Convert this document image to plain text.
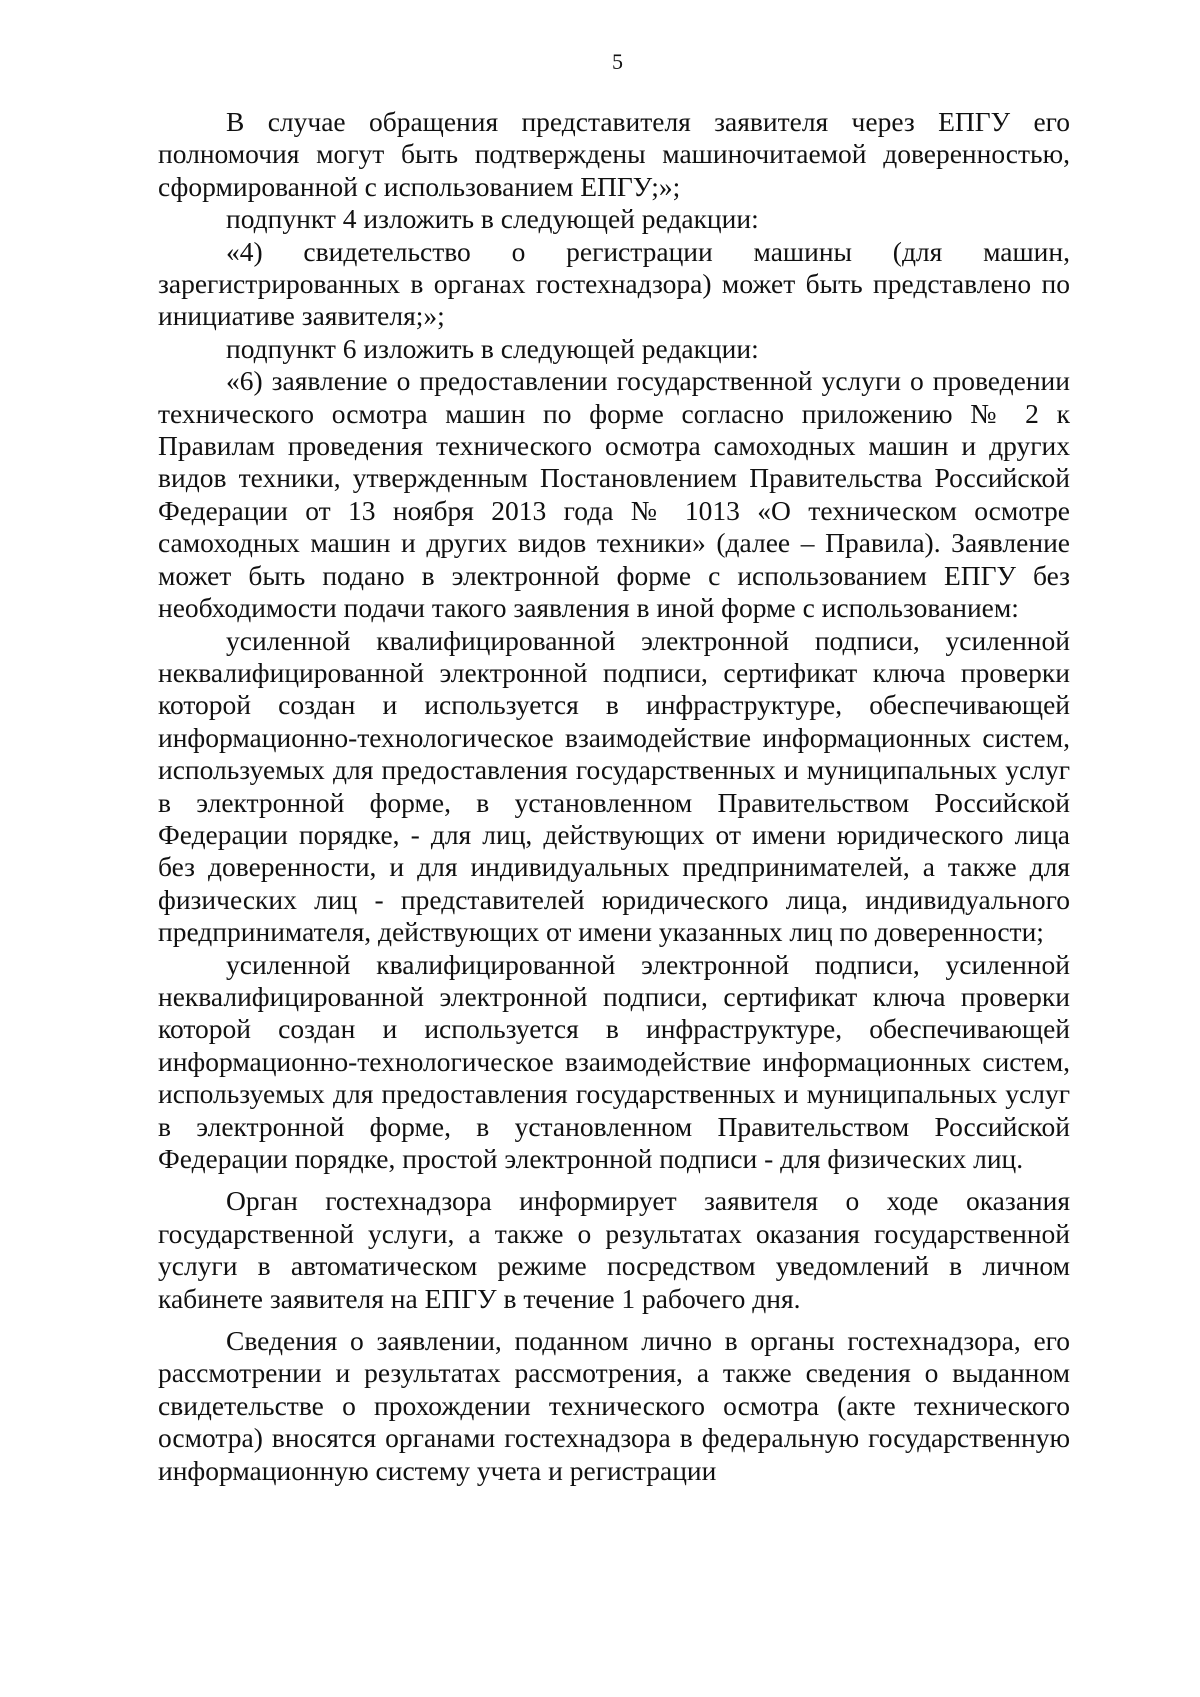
5

В случае обращения представителя заявителя через ЕПГУ его полномочия могут быть подтверждены машиночитаемой доверенностью, сформированной с использованием ЕПГУ;»;

подпункт 4 изложить в следующей редакции:

«4) свидетельство о регистрации машины (для машин, зарегистрированных в органах гостехнадзора) может быть представлено по инициативе заявителя;»;

подпункт 6 изложить в следующей редакции:

«6) заявление о предоставлении государственной услуги о проведении технического осмотра машин по форме согласно приложению № 2 к Правилам проведения технического осмотра самоходных машин и других видов техники, утвержденным Постановлением Правительства Российской Федерации от 13 ноября 2013 года № 1013 «О техническом осмотре самоходных машин и других видов техники» (далее – Правила). Заявление может быть подано в электронной форме с использованием ЕПГУ без необходимости подачи такого заявления в иной форме с использованием:

усиленной квалифицированной электронной подписи, усиленной неквалифицированной электронной подписи, сертификат ключа проверки которой создан и используется в инфраструктуре, обеспечивающей информационно-технологическое взаимодействие информационных систем, используемых для предоставления государственных и муниципальных услуг в электронной форме, в установленном Правительством Российской Федерации порядке, - для лиц, действующих от имени юридического лица без доверенности, и для индивидуальных предпринимателей, а также для физических лиц - представителей юридического лица, индивидуального предпринимателя, действующих от имени указанных лиц по доверенности;

усиленной квалифицированной электронной подписи, усиленной неквалифицированной электронной подписи, сертификат ключа проверки которой создан и используется в инфраструктуре, обеспечивающей информационно-технологическое взаимодействие информационных систем, используемых для предоставления государственных и муниципальных услуг в электронной форме, в установленном Правительством Российской Федерации порядке, простой электронной подписи - для физических лиц.

Орган гостехнадзора информирует заявителя о ходе оказания государственной услуги, а также о результатах оказания государственной услуги в автоматическом режиме посредством уведомлений в личном кабинете заявителя на ЕПГУ в течение 1 рабочего дня.

Сведения о заявлении, поданном лично в органы гостехнадзора, его рассмотрении и результатах рассмотрения, а также сведения о выданном свидетельстве о прохождении технического осмотра (акте технического осмотра) вносятся органами гостехнадзора в федеральную государственную информационную систему учета и регистрации
